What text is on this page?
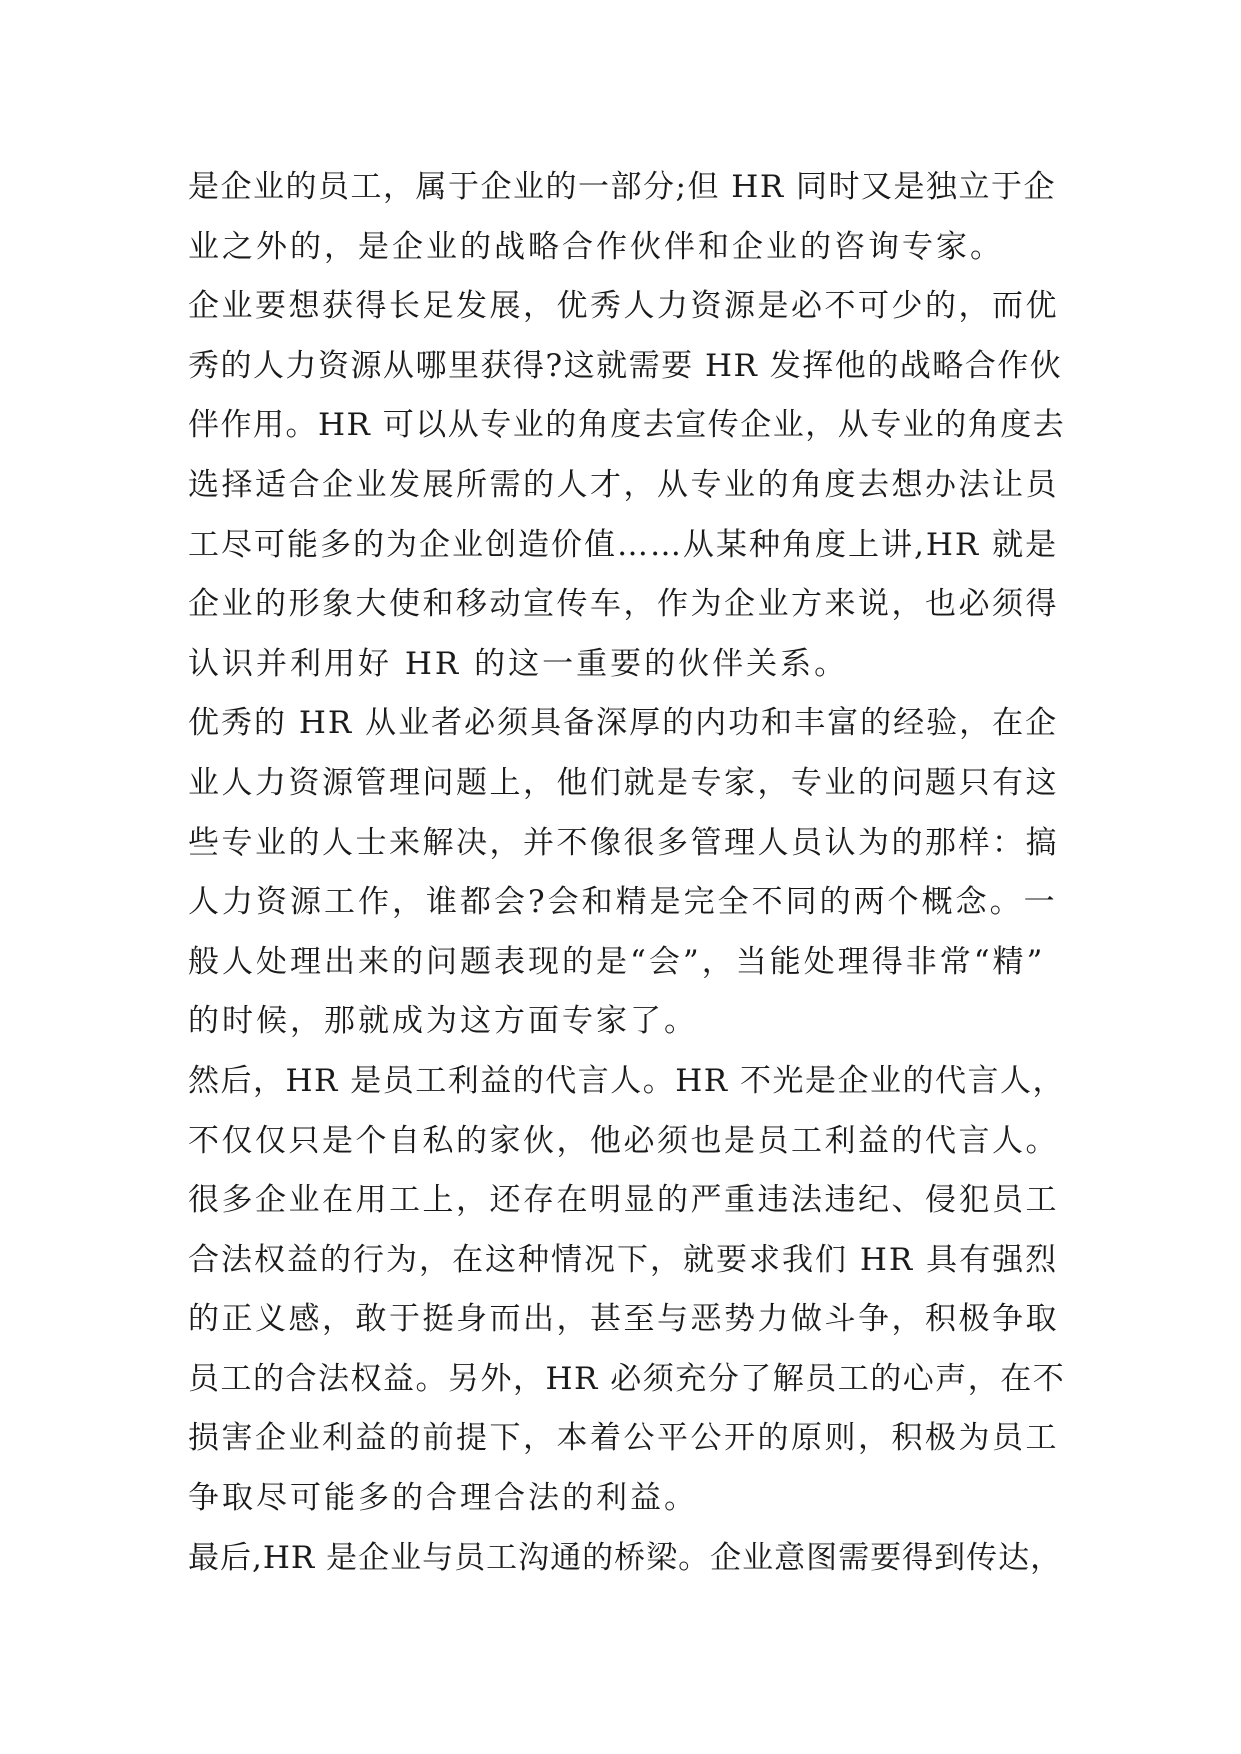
是企业的员工，属于企业的一部分;但 HR 同时又是独立于企
业之外的，是企业的战略合作伙伴和企业的咨询专家。
企业要想获得长足发展，优秀人力资源是必不可少的，而优
秀的人力资源从哪里获得?这就需要 HR 发挥他的战略合作伙
伴作用。HR 可以从专业的角度去宣传企业，从专业的角度去
选择适合企业发展所需的人才，从专业的角度去想办法让员
工尽可能多的为企业创造价值……从某种角度上讲,HR 就是
企业的形象大使和移动宣传车，作为企业方来说，也必须得
认识并利用好 HR 的这一重要的伙伴关系。
优秀的 HR 从业者必须具备深厚的内功和丰富的经验，在企
业人力资源管理问题上，他们就是专家，专业的问题只有这
些专业的人士来解决，并不像很多管理人员认为的那样：搞
人力资源工作，谁都会?会和精是完全不同的两个概念。一
般人处理出来的问题表现的是“会”，当能处理得非常“精”
的时候，那就成为这方面专家了。
然后，HR 是员工利益的代言人。HR 不光是企业的代言人，
不仅仅只是个自私的家伙，他必须也是员工利益的代言人。
很多企业在用工上，还存在明显的严重违法违纪、侵犯员工
合法权益的行为，在这种情况下，就要求我们 HR 具有强烈
的正义感，敢于挺身而出，甚至与恶势力做斗争，积极争取
员工的合法权益。另外，HR 必须充分了解员工的心声，在不
损害企业利益的前提下，本着公平公开的原则，积极为员工
争取尽可能多的合理合法的利益。
最后,HR 是企业与员工沟通的桥梁。企业意图需要得到传达，
